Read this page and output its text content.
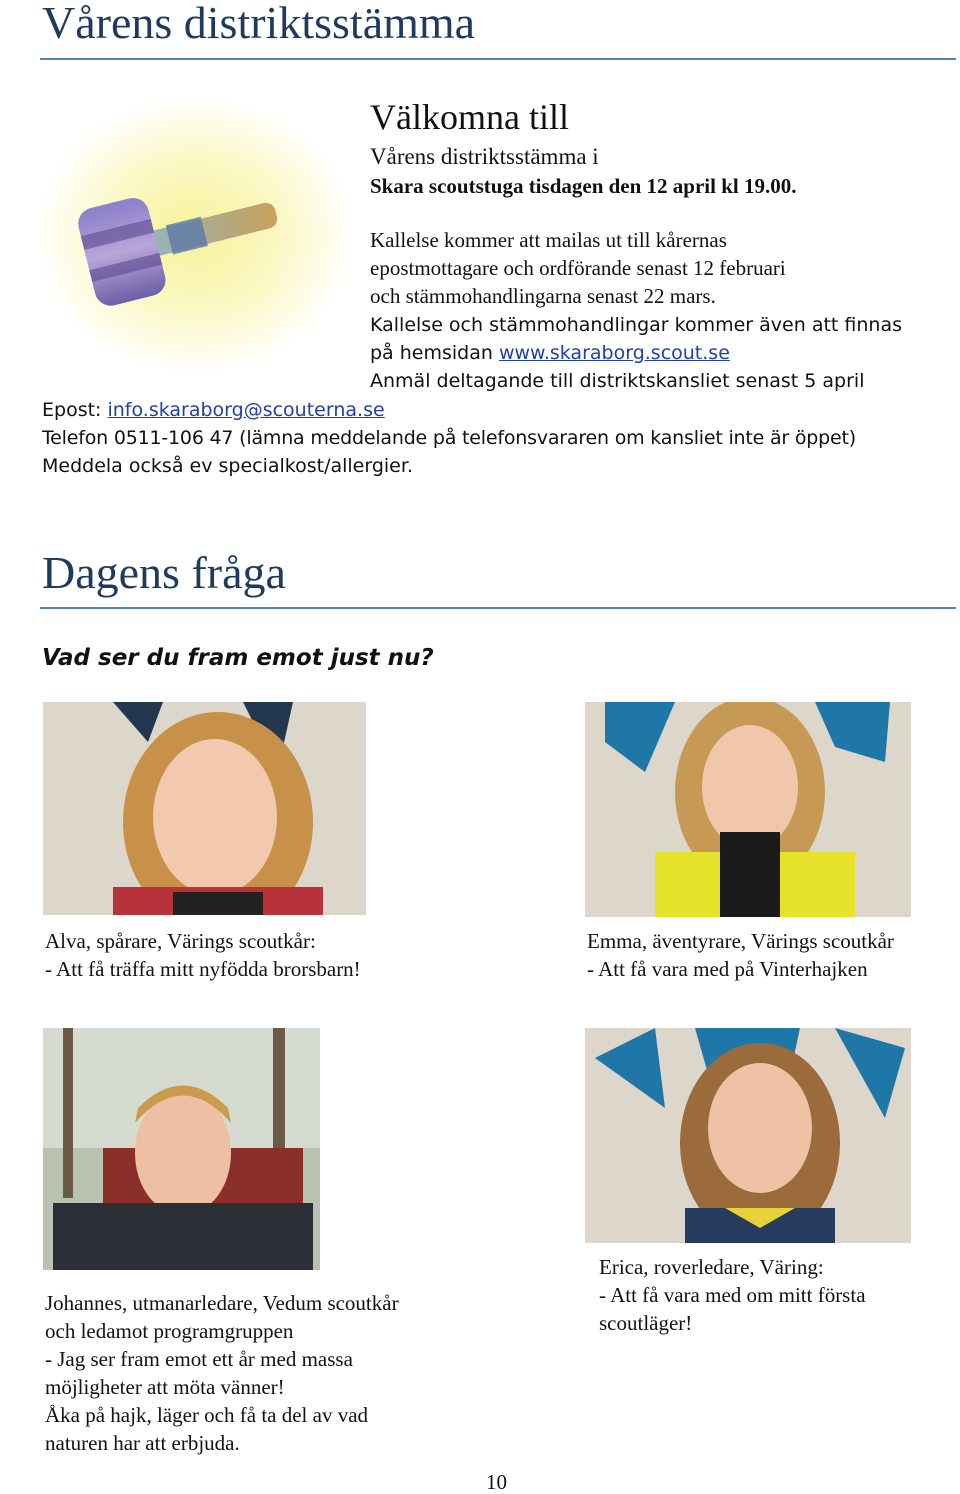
Vårens distriktsstämma
Välkomna till
Vårens distriktsstämma i
Skara scoutstuga tisdagen den 12 april kl 19.00.
Kallelse kommer att mailas ut till kårernas
epostmottagare och ordförande senast 12 februari
och stämmohandlingarna senast 22 mars.
Kallelse och stämmohandlingar kommer även att finnas
på hemsidan www.skaraborg.scout.se
Anmäl deltagande till distriktskansliet senast 5 april
Epost: info.skaraborg@scouterna.se
Telefon 0511-106 47 (lämna meddelande på telefonsvararen om kansliet inte är öppet)
Meddela också ev specialkost/allergier.
Dagens fråga
Vad ser du fram emot just nu?
Alva, spårare, Värings scoutkår:
- Att få träffa mitt nyfödda brorsbarn!
Emma, äventyrare, Värings scoutkår
- Att få vara med på Vinterhajken
Johannes, utmanarledare, Vedum scoutkår
och ledamot programgruppen
- Jag ser fram emot ett år med massa
möjligheter att möta vänner!
Åka på hajk, läger och få ta del av vad
naturen har att erbjuda.
Erica, roverledare, Väring:
- Att få vara med om mitt första
scoutläger!
10
